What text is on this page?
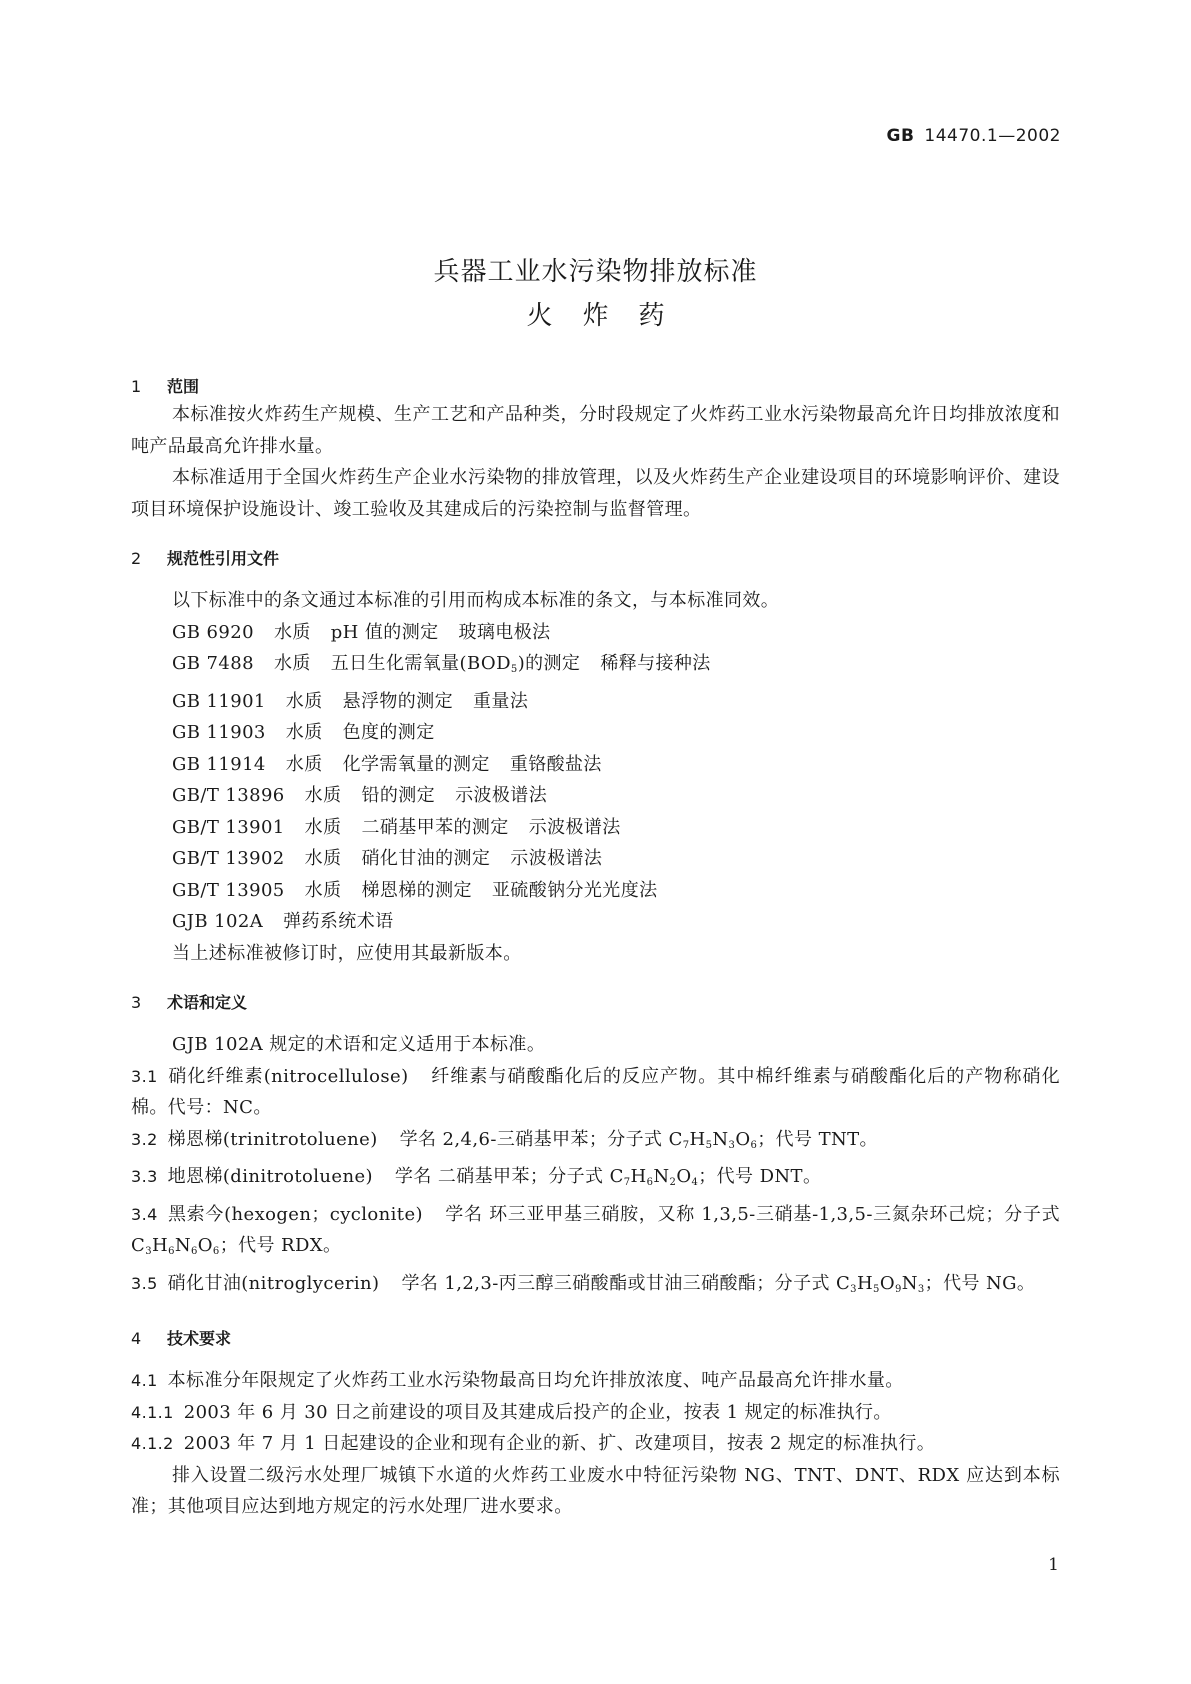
GB 14470.1—2002
兵器工业水污染物排放标准
火炸药
1 范围
本标准按火炸药生产规模、生产工艺和产品种类，分时段规定了火炸药工业水污染物最高允许日均排放浓度和吨产品最高允许排水量。
本标准适用于全国火炸药生产企业水污染物的排放管理，以及火炸药生产企业建设项目的环境影响评价、建设项目环境保护设施设计、竣工验收及其建成后的污染控制与监督管理。
2 规范性引用文件
以下标准中的条文通过本标准的引用而构成本标准的条文，与本标准同效。
GB 6920 水质 pH 值的测定 玻璃电极法
GB 7488 水质 五日生化需氧量$(BOD_5)$的测定 稀释与接种法
GB 11901 水质 悬浮物的测定 重量法
GB 11903 水质 色度的测定
GB 11914 水质 化学需氧量的测定 重铬酸盐法
GB/T 13896 水质 铅的测定 示波极谱法
GB/T 13901 水质 二硝基甲苯的测定 示波极谱法
GB/T 13902 水质 硝化甘油的测定 示波极谱法
GB/T 13905 水质 梯恩梯的测定 亚硫酸钠分光光度法
GJB 102A 弹药系统术语
当上述标准被修订时，应使用其最新版本。
3 术语和定义
GJB 102A 规定的术语和定义适用于本标准。
3.1 硝化纤维素(nitrocellulose) 纤维素与硝酸酯化后的反应产物。其中棉纤维素与硝酸酯化后的产物称硝化棉。代号：NC。
3.2 梯恩梯(trinitrotoluene) 学名 2,4,6-三硝基甲苯；分子式 $C_7H_5N_3O_6$；代号 TNT。
3.3 地恩梯(dinitrotoluene) 学名 二硝基甲苯；分子式 $C_7H_6N_2O_4$；代号 DNT。
3.4 黑索今(hexogen；cyclonite) 学名 环三亚甲基三硝胺，又称 1,3,5-三硝基-1,3,5-三氮杂环己烷；分子式 $C_3H_6N_6O_6$；代号 RDX。
3.5 硝化甘油(nitroglycerin) 学名 1,2,3-丙三醇三硝酸酯或甘油三硝酸酯；分子式 $C_3H_5O_9N_3$；代号 NG。
4 技术要求
4.1 本标准分年限规定了火炸药工业水污染物最高日均允许排放浓度、吨产品最高允许排水量。
4.1.1 2003 年 6 月 30 日之前建设的项目及其建成后投产的企业，按表 1 规定的标准执行。
4.1.2 2003 年 7 月 1 日起建设的企业和现有企业的新、扩、改建项目，按表 2 规定的标准执行。
排入设置二级污水处理厂城镇下水道的火炸药工业废水中特征污染物 NG、TNT、DNT、RDX 应达到本标准；其他项目应达到地方规定的污水处理厂进水要求。
1
